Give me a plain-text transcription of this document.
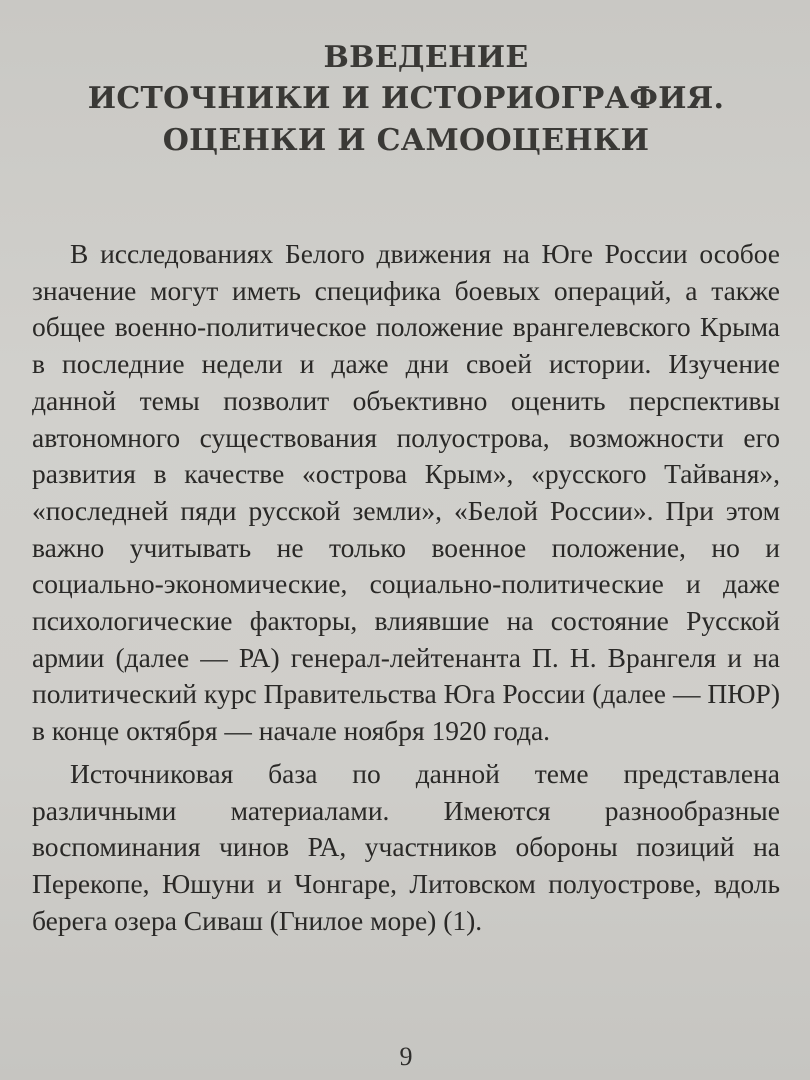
ВВЕДЕНИЕ
ИСТОЧНИКИ И ИСТОРИОГРАФИЯ.
ОЦЕНКИ И САМООЦЕНКИ

В исследованиях Белого движения на Юге России особое значение могут иметь специфика боевых операций, а также общее военно-политическое положение врангелевского Крыма в последние недели и даже дни своей истории. Изучение данной темы позволит объективно оценить перспективы автономного существования полуострова, возможности его развития в качестве «острова Крым», «русского Тайваня», «последней пяди русской земли», «Белой России». При этом важно учитывать не только военное положение, но и социально-экономические, социально-политические и даже психологические факторы, влиявшие на состояние Русской армии (далее — РА) генерал-лейтенанта П. Н. Врангеля и на политический курс Правительства Юга России (далее — ПЮР) в конце октября — начале ноября 1920 года.

Источниковая база по данной теме представлена различными материалами. Имеются разнообразные воспоминания чинов РА, участников обороны позиций на Перекопе, Юшуни и Чонгаре, Литовском полуострове, вдоль берега озера Сиваш (Гнилое море) (1).

9
